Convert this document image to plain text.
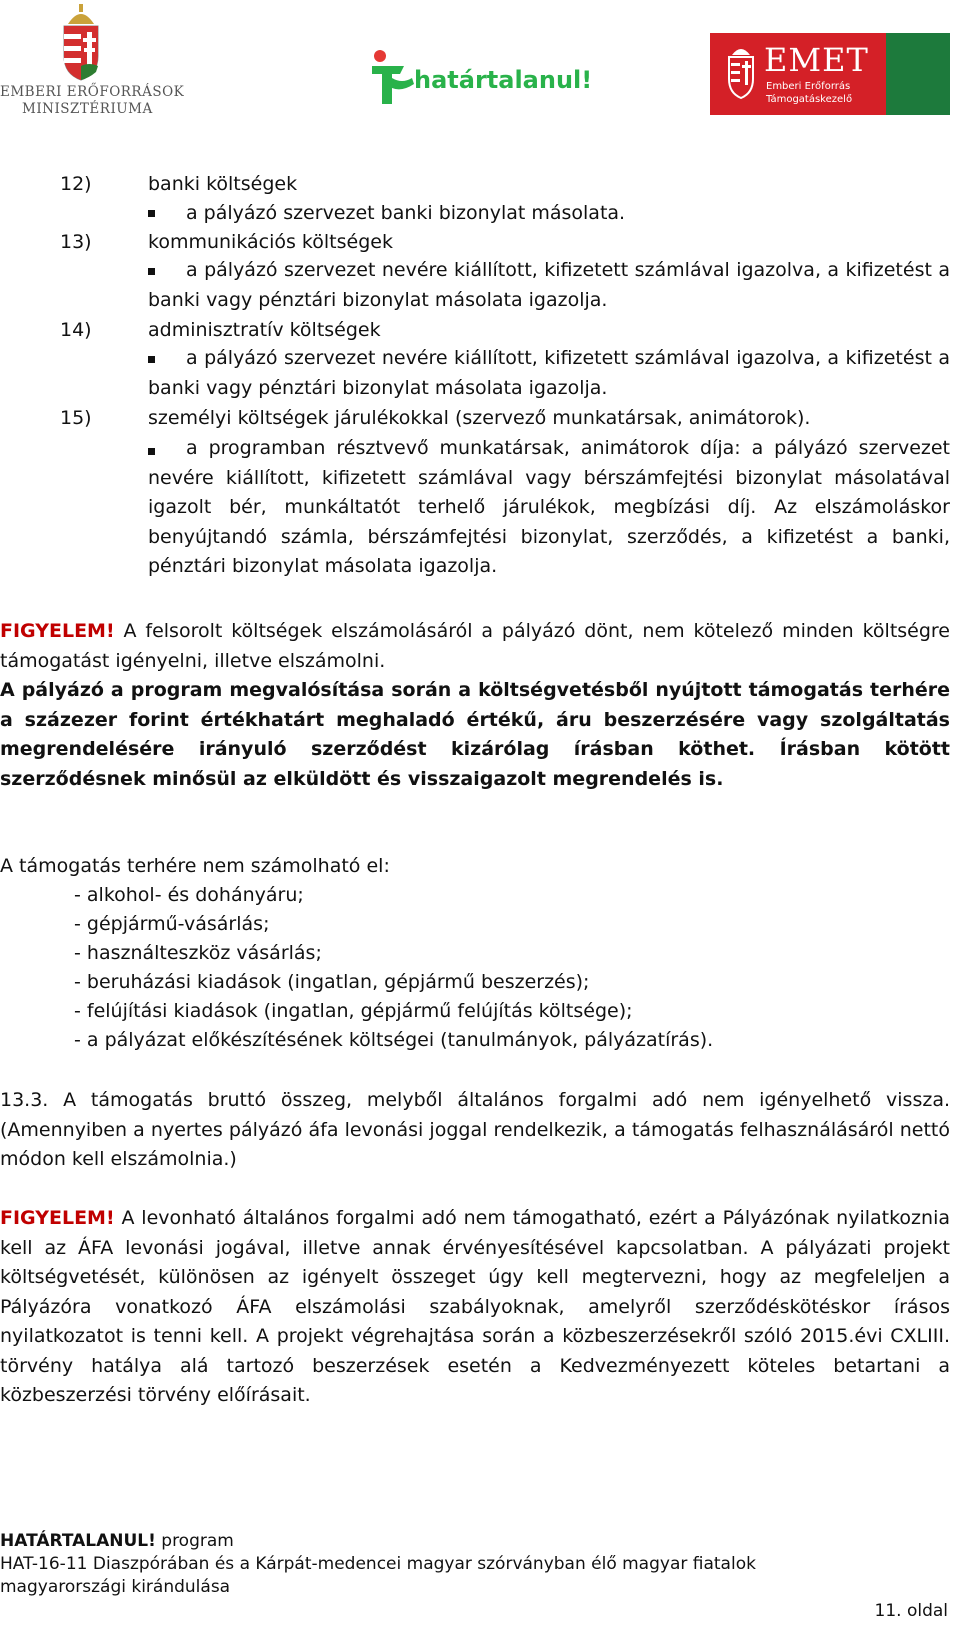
EMBERI ERŐFORRÁSOK
MINISZTÉRIUMA
határtalanul!
EMET
Emberi Erőforrás
Támogatáskezelő
12)	banki költségek
a pályázó szervezet banki bizonylat másolata.
13)	kommunikációs költségek
a pályázó szervezet nevére kiállított, kifizetett számlával igazolva, a kifizetést a banki vagy pénztári bizonylat másolata igazolja.
14)	adminisztratív költségek
a pályázó szervezet nevére kiállított, kifizetett számlával igazolva, a kifizetést a banki vagy pénztári bizonylat másolata igazolja.
15)	személyi költségek járulékokkal (szervező munkatársak, animátorok).
a programban résztvevő munkatársak, animátorok díja: a pályázó szervezet nevére kiállított, kifizetett számlával vagy bérszámfejtési bizonylat másolatával igazolt bér, munkáltatót terhelő járulékok, megbízási díj. Az elszámoláskor benyújtandó számla, bérszámfejtési bizonylat, szerződés, a kifizetést a banki, pénztári bizonylat másolata igazolja.
FIGYELEM! A felsorolt költségek elszámolásáról a pályázó dönt, nem kötelező minden költségre támogatást igényelni, illetve elszámolni.
A pályázó a program megvalósítása során a költségvetésből nyújtott támogatás terhére a százezer forint értékhatárt meghaladó értékű, áru beszerzésére vagy szolgáltatás megrendelésére irányuló szerződést kizárólag írásban köthet. Írásban kötött szerződésnek minősül az elküldött és visszaigazolt megrendelés is.
A támogatás terhére nem számolható el:
- alkohol- és dohányáru;
- gépjármű-vásárlás;
- használteszköz vásárlás;
- beruházási kiadások (ingatlan, gépjármű beszerzés);
- felújítási kiadások (ingatlan, gépjármű felújítás költsége);
- a pályázat előkészítésének költségei (tanulmányok, pályázatírás).
13.3. A támogatás bruttó összeg, melyből általános forgalmi adó nem igényelhető vissza. (Amennyiben a nyertes pályázó áfa levonási joggal rendelkezik, a támogatás felhasználásáról nettó módon kell elszámolnia.)
FIGYELEM! A levonható általános forgalmi adó nem támogatható, ezért a Pályázónak nyilatkoznia kell az ÁFA levonási jogával, illetve annak érvényesítésével kapcsolatban. A pályázati projekt költségvetését, különösen az igényelt összeget úgy kell megtervezni, hogy az megfeleljen a Pályázóra vonatkozó ÁFA elszámolási szabályoknak, amelyről szerződéskötéskor írásos nyilatkozatot is tenni kell. A projekt végrehajtása során a közbeszerzésekről szóló 2015.évi CXLIII. törvény hatálya alá tartozó beszerzések esetén a Kedvezményezett köteles betartani a közbeszerzési törvény előírásait.
HATÁRTALANUL! program
HAT-16-11 Diaszpórában és a Kárpát-medencei magyar szórványban élő magyar fiatalok
magyarországi kirándulása
11. oldal
